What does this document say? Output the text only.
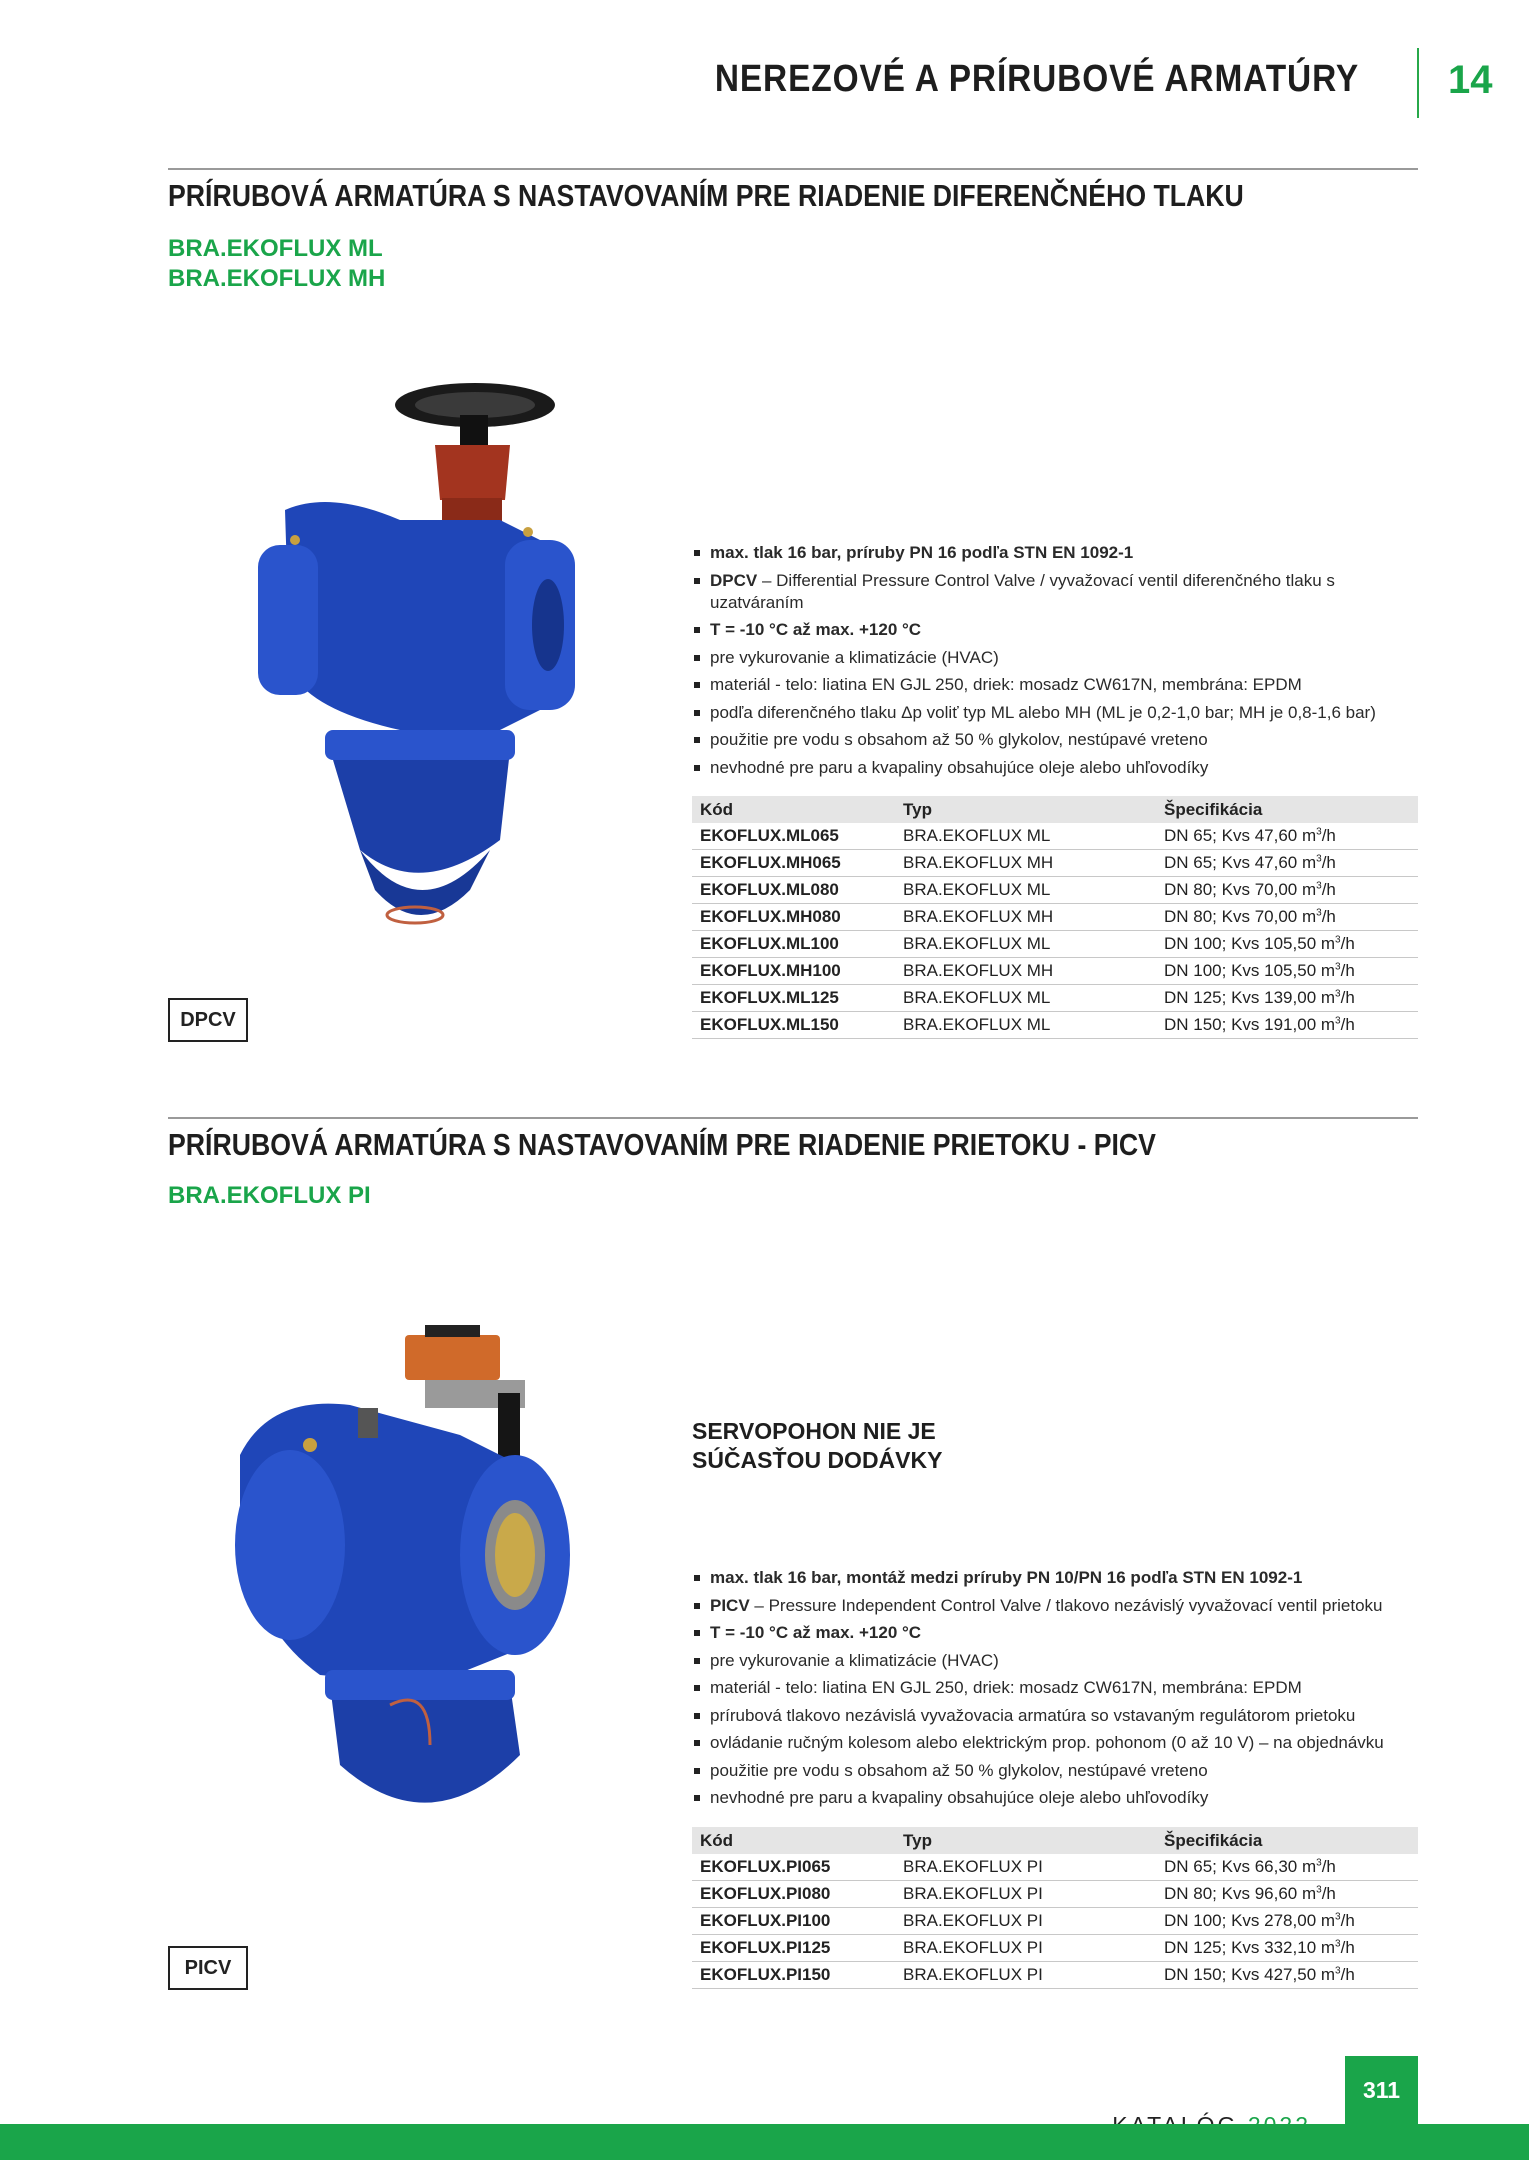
NEREZOVÉ A PRÍRUBOVÉ ARMATÚRY 14
PRÍRUBOVÁ ARMATÚRA S NASTAVOVANÍM PRE RIADENIE DIFERENČNÉHO TLAKU
BRA.EKOFLUX ML
BRA.EKOFLUX MH
max. tlak 16 bar, príruby PN 16 podľa STN EN 1092-1
DPCV – Differential Pressure Control Valve / vyvažovací ventil diferenčného tlaku s uzatváraním
T = -10 °C až max. +120 °C
pre vykurovanie a klimatizácie (HVAC)
materiál - telo: liatina EN GJL 250, driek: mosadz CW617N, membrána: EPDM
podľa diferenčného tlaku Δp voliť typ ML alebo MH (ML je 0,2-1,0 bar; MH je 0,8-1,6 bar)
použitie pre vodu s obsahom až 50 % glykolov, nestúpavé vreteno
nevhodné pre paru a kvapaliny obsahujúce oleje alebo uhľovodíky
Kód	Typ	Špecifikácia
EKOFLUX.ML065	BRA.EKOFLUX ML	DN 65; Kvs 47,60 $m^3/h$
EKOFLUX.MH065	BRA.EKOFLUX MH	DN 65; Kvs 47,60 $m^3/h$
EKOFLUX.ML080	BRA.EKOFLUX ML	DN 80; Kvs 70,00 $m^3/h$
EKOFLUX.MH080	BRA.EKOFLUX MH	DN 80; Kvs 70,00 $m^3/h$
EKOFLUX.ML100	BRA.EKOFLUX ML	DN 100; Kvs 105,50 $m^3/h$
EKOFLUX.MH100	BRA.EKOFLUX MH	DN 100; Kvs 105,50 $m^3/h$
EKOFLUX.ML125	BRA.EKOFLUX ML	DN 125; Kvs 139,00 $m^3/h$
EKOFLUX.ML150	BRA.EKOFLUX ML	DN 150; Kvs 191,00 $m^3/h$
DPCV
PRÍRUBOVÁ ARMATÚRA S NASTAVOVANÍM PRE RIADENIE PRIETOKU - PICV
BRA.EKOFLUX PI
SERVOPOHON NIE JE
SÚČASŤOU DODÁVKY
max. tlak 16 bar, montáž medzi príruby PN 10/PN 16 podľa STN EN 1092-1
PICV – Pressure Independent Control Valve / tlakovo nezávislý vyvažovací ventil prietoku
T = -10 °C až max. +120 °C
pre vykurovanie a klimatizácie (HVAC)
materiál - telo: liatina EN GJL 250, driek: mosadz CW617N, membrána: EPDM
prírubová tlakovo nezávislá vyvažovacia armatúra so vstavaným regulátorom prietoku
ovládanie ručným kolesom alebo elektrickým prop. pohonom (0 až 10 V) – na objednávku
použitie pre vodu s obsahom až 50 % glykolov, nestúpavé vreteno
nevhodné pre paru a kvapaliny obsahujúce oleje alebo uhľovodíky
Kód	Typ	Špecifikácia
EKOFLUX.PI065	BRA.EKOFLUX PI	DN 65; Kvs 66,30 $m^3/h$
EKOFLUX.PI080	BRA.EKOFLUX PI	DN 80; Kvs 96,60 $m^3/h$
EKOFLUX.PI100	BRA.EKOFLUX PI	DN 100; Kvs 278,00 $m^3/h$
EKOFLUX.PI125	BRA.EKOFLUX PI	DN 125; Kvs 332,10 $m^3/h$
EKOFLUX.PI150	BRA.EKOFLUX PI	DN 150; Kvs 427,50 $m^3/h$
PICV
311
